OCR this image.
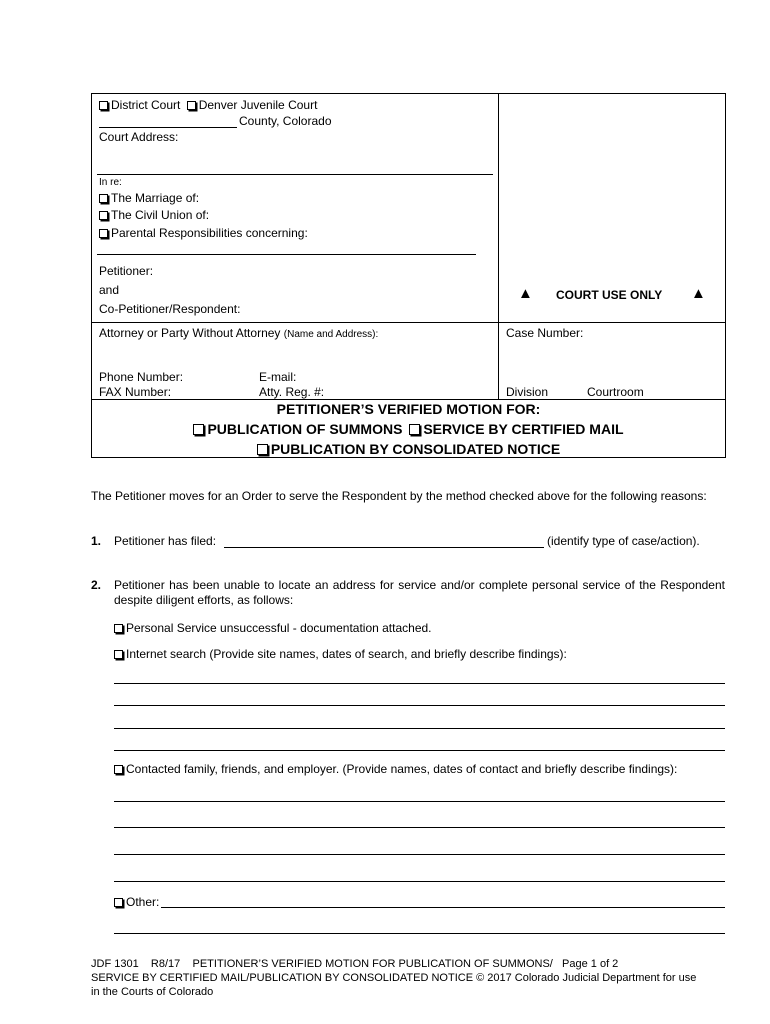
District Court Denver Juvenile Court
County, Colorado
Court Address:
In re:
The Marriage of:
The Civil Union of:
Parental Responsibilities concerning:
Petitioner:
and
Co-Petitioner/Respondent:
▲ COURT USE ONLY ▲
Attorney or Party Without Attorney (Name and Address):	Case Number:
Phone Number:	E-mail:
FAX Number:	Atty. Reg. #:	Division	Courtroom
PETITIONER’S VERIFIED MOTION FOR:
PUBLICATION OF SUMMONS SERVICE BY CERTIFIED MAIL
PUBLICATION BY CONSOLIDATED NOTICE
The Petitioner moves for an Order to serve the Respondent by the method checked above for the following reasons:
1. Petitioner has filed:	(identify type of case/action).
2. Petitioner has been unable to locate an address for service and/or complete personal service of the Respondent despite diligent efforts, as follows:
Personal Service unsuccessful - documentation attached.
Internet search (Provide site names, dates of search, and briefly describe findings):
Contacted family, friends, and employer. (Provide names, dates of contact and briefly describe findings):
Other:
JDF 1301    R8/17    PETITIONER’S VERIFIED MOTION FOR PUBLICATION OF SUMMONS/   Page 1 of 2
SERVICE BY CERTIFIED MAIL/PUBLICATION BY CONSOLIDATED NOTICE © 2017 Colorado Judicial Department for use
in the Courts of Colorado
